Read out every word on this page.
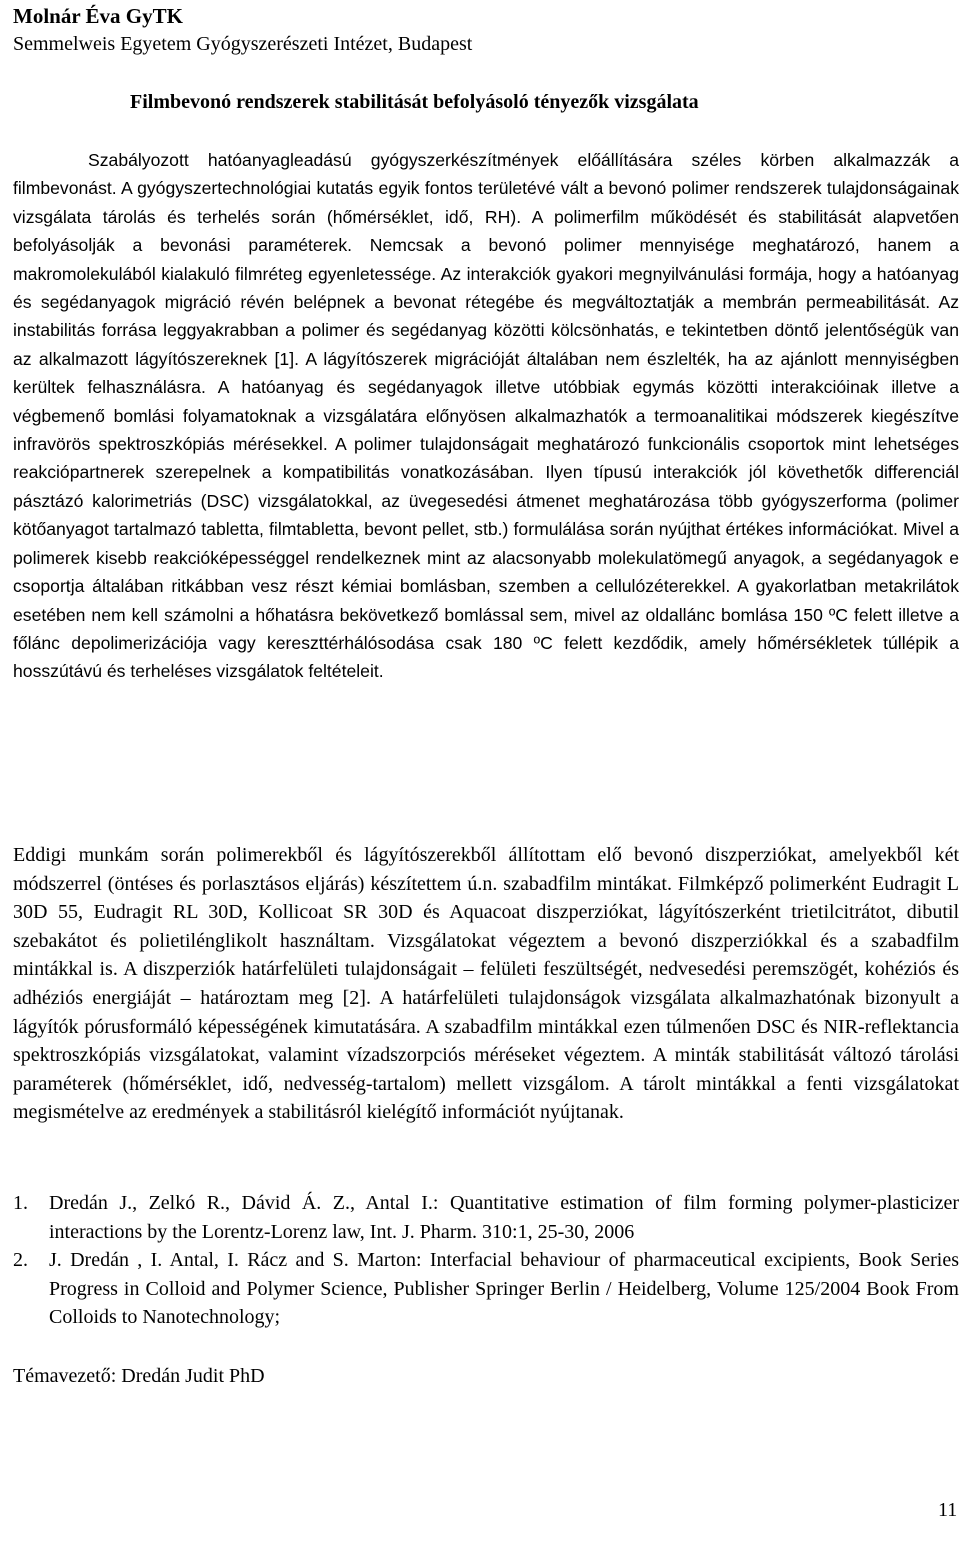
Molnár Éva GyTK
Semmelweis Egyetem Gyógyszerészeti Intézet, Budapest
Filmbevonó rendszerek stabilitását befolyásoló tényezők vizsgálata

Szabályozott hatóanyagleadású gyógyszerkészítmények előállítására széles körben alkalmazzák a filmbevonást. A gyógyszertechnológiai kutatás egyik fontos területévé vált a bevonó polimer rendszerek tulajdonságainak vizsgálata tárolás és terhelés során (hőmérséklet, idő, RH). A polimerfilm működését és stabilitását alapvetően befolyásolják a bevonási paraméterek. Nemcsak a bevonó polimer mennyisége meghatározó, hanem a makromolekulából kialakuló filmréteg egyenletessége. Az interakciók gyakori megnyilvánulási formája, hogy a hatóanyag és segédanyagok migráció révén belépnek a bevonat rétegébe és megváltoztatják a membrán permeabilitását. Az instabilitás forrása leggyakrabban a polimer és segédanyag közötti kölcsönhatás, e tekintetben döntő jelentőségük van az alkalmazott lágyítószereknek [1]. A lágyítószerek migrációját általában nem észlelték, ha az ajánlott mennyiségben kerültek felhasználásra. A hatóanyag és segédanyagok illetve utóbbiak egymás közötti interakcióinak illetve a végbemenő bomlási folyamatoknak a vizsgálatára előnyösen alkalmazhatók a termoanalitikai módszerek kiegészítve infravörös spektroszkópiás mérésekkel. A polimer tulajdonságait meghatározó funkcionális csoportok mint lehetséges reakciópartnerek szerepelnek a kompatibilitás vonatkozásában. Ilyen típusú interakciók jól követhetők differenciál pásztázó kalorimetriás (DSC) vizsgálatokkal, az üvegesedési átmenet meghatározása több gyógyszerforma (polimer kötőanyagot tartalmazó tabletta, filmtabletta, bevont pellet, stb.) formulálása során nyújthat értékes információkat. Mivel a polimerek kisebb reakcióképességgel rendelkeznek mint az alacsonyabb molekulatömegű anyagok, a segédanyagok e csoportja általában ritkábban vesz részt kémiai bomlásban, szemben a cellulózéterekkel. A gyakorlatban metakrilátok esetében nem kell számolni a hőhatásra bekövetkező bomlással sem, mivel az oldallánc bomlása 150 ºC felett illetve a főlánc depolimerizációja vagy kereszttérhálósodása csak 180 ºC felett kezdődik, amely hőmérsékletek túllépik a hosszútávú és terheléses vizsgálatok feltételeit.

Eddigi munkám során polimerekből és lágyítószerekből állítottam elő bevonó diszperziókat, amelyekből két módszerrel (öntéses és porlasztásos eljárás) készítettem ú.n. szabadfilm mintákat. Filmképző polimerként Eudragit L 30D 55, Eudragit RL 30D, Kollicoat SR 30D és Aquacoat diszperziókat, lágyítószerként trietilcitrátot, dibutil szebakátot és polietilénglikolt használtam. Vizsgálatokat végeztem a bevonó diszperziókkal és a szabadfilm mintákkal is. A diszperziók határfelületi tulajdonságait – felületi feszültségét, nedvesedési peremszögét, kohéziós és adhéziós energiáját – határoztam meg [2]. A határfelületi tulajdonságok vizsgálata alkalmazhatónak bizonyult a lágyítók pórusformáló képességének kimutatására. A szabadfilm mintákkal ezen túlmenően DSC és NIR-reflektancia spektroszkópiás vizsgálatokat, valamint vízadszorpciós méréseket végeztem. A minták stabilitását változó tárolási paraméterek (hőmérséklet, idő, nedvesség-tartalom) mellett vizsgálom. A tárolt mintákkal a fenti vizsgálatokat megismételve az eredmények a stabilitásról kielégítő információt nyújtanak.

1. Dredán J., Zelkó R., Dávid Á. Z., Antal I.: Quantitative estimation of film forming polymer-plasticizer interactions by the Lorentz-Lorenz law, Int. J. Pharm. 310:1, 25-30, 2006
2. J. Dredán , I. Antal, I. Rácz and S. Marton: Interfacial behaviour of pharmaceutical excipients, Book Series Progress in Colloid and Polymer Science, Publisher Springer Berlin / Heidelberg, Volume 125/2004 Book From Colloids to Nanotechnology;
Témavezető: Dredán Judit PhD
11
